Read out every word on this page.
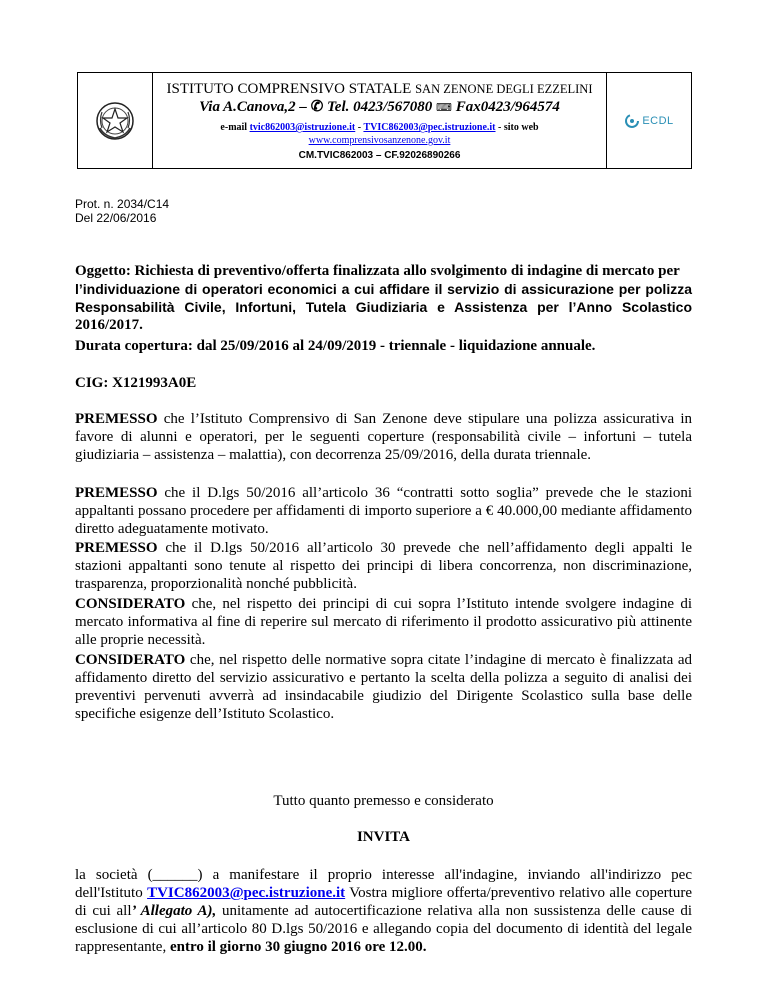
ISTITUTO COMPRENSIVO STATALE SAN ZENONE DEGLI EZZELINI
Via A.Canova,2 – ✆ Tel. 0423/567080 ⌨ Fax0423/964574
e-mail tvic862003@istruzione.it - TVIC862003@pec.istruzione.it - sito web
www.comprensivosanzenone.gov.it
CM.TVIC862003 – CF.92026890266
ECDL
Prot. n. 2034/C14
Del 22/06/2016
Oggetto: Richiesta di preventivo/offerta finalizzata allo svolgimento di indagine di mercato per
l’individuazione di operatori economici a cui affidare il servizio di assicurazione per polizza
Responsabilità Civile, Infortuni, Tutela Giudiziaria e Assistenza per l’Anno Scolastico
2016/2017.
Durata copertura: dal 25/09/2016 al 24/09/2019 - triennale - liquidazione annuale.
CIG: X121993A0E
PREMESSO che l’Istituto Comprensivo di San Zenone deve stipulare una polizza assicurativa in favore di alunni e operatori, per le seguenti coperture (responsabilità civile – infortuni – tutela giudiziaria – assistenza – malattia), con decorrenza 25/09/2016, della durata triennale.
PREMESSO che il D.lgs 50/2016 all’articolo 36 “contratti sotto soglia” prevede che le stazioni appaltanti possano procedere per affidamenti di importo superiore a € 40.000,00 mediante affidamento diretto adeguatamente motivato.
PREMESSO che il D.lgs 50/2016 all’articolo 30 prevede che nell’affidamento degli appalti le stazioni appaltanti sono tenute al rispetto dei principi di libera concorrenza, non discriminazione, trasparenza, proporzionalità nonché pubblicità.
CONSIDERATO che, nel rispetto dei principi di cui sopra l’Istituto intende svolgere indagine di mercato informativa al fine di reperire sul mercato di riferimento il prodotto assicurativo più attinente alle proprie necessità.
CONSIDERATO che, nel rispetto delle normative sopra citate l’indagine di mercato è finalizzata ad affidamento diretto del servizio assicurativo e pertanto la scelta della polizza a seguito di analisi dei preventivi pervenuti avverrà ad insindacabile giudizio del Dirigente Scolastico sulla base delle specifiche esigenze dell’Istituto Scolastico.
Tutto quanto premesso e considerato
INVITA
la società (______) a manifestare il proprio interesse all'indagine, inviando all'indirizzo pec dell'Istituto TVIC862003@pec.istruzione.it Vostra migliore offerta/preventivo relativo alle coperture di cui all’ Allegato A), unitamente ad autocertificazione relativa alla non sussistenza delle cause di esclusione di cui all’articolo 80 D.lgs 50/2016 e allegando copia del documento di identità del legale rappresentante, entro il giorno 30 giugno 2016 ore 12.00.
